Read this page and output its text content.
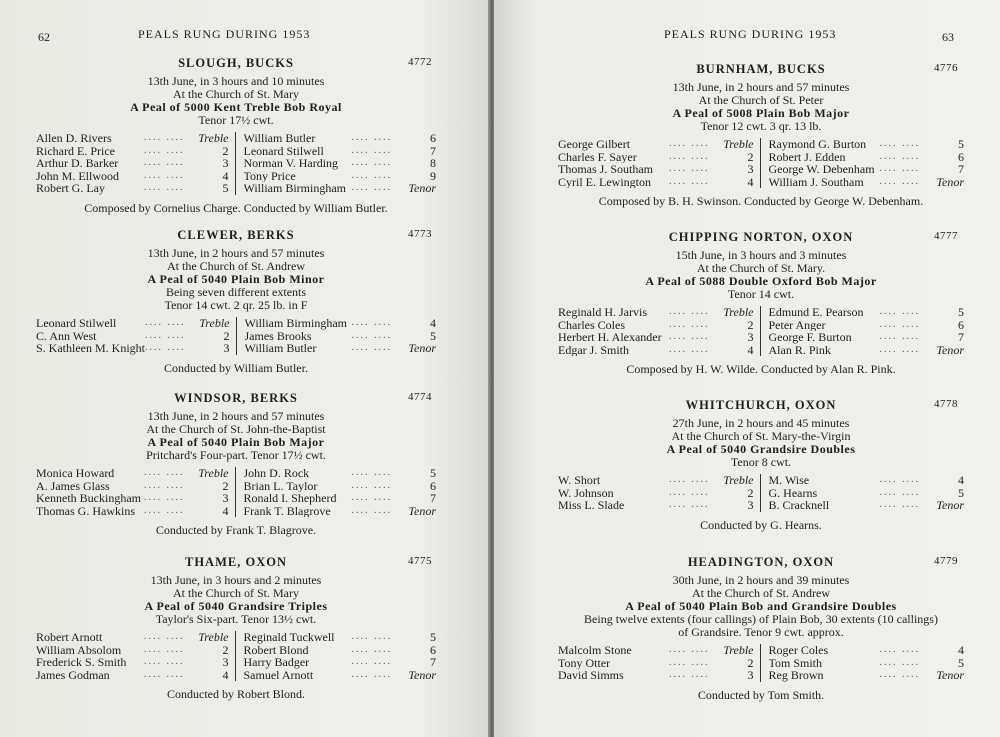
62	PEALS RUNG DURING 1953
SLOUGH, BUCKS	4772
13th June, in 3 hours and 10 minutes
At the Church of St. Mary
A Peal of 5000 Kent Treble Bob Royal
Tenor 17½ cwt.
Allen D. Rivers	.... ....	Treble
Richard E. Price	.... ....	2
Arthur D. Barker	.... ....	3
John M. Ellwood	.... ....	4
Robert G. Lay	.... ....	5
William Butler	.... ....	6
Leonard Stilwell	.... ....	7
Norman V. Harding	.... ....	8
Tony Price	.... ....	9
William Birmingham .... ....	Tenor
Composed by Cornelius Charge. Conducted by William Butler.
CLEWER, BERKS	4773
13th June, in 2 hours and 57 minutes
At the Church of St. Andrew
A Peal of 5040 Plain Bob Minor
Being seven different extents
Tenor 14 cwt. 2 qr. 25 lb. in F
Leonard Stilwell	.... ....	Treble
C. Ann West	.... ....	2
S. Kathleen M. Knight .... ....	3
William Birmingham .... ....	4
James Brooks	.... ....	5
William Butler	.... ....	Tenor
Conducted by William Butler.
WINDSOR, BERKS	4774
13th June, in 2 hours and 57 minutes
At the Church of St. John-the-Baptist
A Peal of 5040 Plain Bob Major
Pritchard's Four-part. Tenor 17½ cwt.
Monica Howard	.... ....	Treble
A. James Glass	.... ....	2
Kenneth Buckingham .... ....	3
Thomas G. Hawkins .... ....	4
John D. Rock	.... ....	5
Brian L. Taylor	.... ....	6
Ronald I. Shepherd	.... ....	7
Frank T. Blagrove	.... ....	Tenor
Conducted by Frank T. Blagrove.
THAME, OXON	4775
13th June, in 3 hours and 2 minutes
At the Church of St. Mary
A Peal of 5040 Grandsire Triples
Taylor's Six-part. Tenor 13½ cwt.
Robert Arnott	.... ....	Treble
William Absolom	.... ....	2
Frederick S. Smith	.... ....	3
James Godman	.... ....	4
Reginald Tuckwell	.... ....	5
Robert Blond	.... ....	6
Harry Badger	.... ....	7
Samuel Arnott	.... ....	Tenor
Conducted by Robert Blond.
63
PEALS RUNG DURING 1953
BURNHAM, BUCKS	4776
13th June, in 2 hours and 57 minutes
At the Church of St. Peter
A Peal of 5008 Plain Bob Major
Tenor 12 cwt. 3 qr. 13 lb.
George Gilbert	.... ....	Treble
Charles F. Sayer	.... ....	2
Thomas J. Southam	.... ....	3
Cyril E. Lewington	.... ....	4
Raymond G. Burton	.... ....	5
Robert J. Edden	.... ....	6
George W. Debenham .... ....	7
William J. Southam	.... ....	Tenor
Composed by B. H. Swinson. Conducted by George W. Debenham.
CHIPPING NORTON, OXON	4777
15th June, in 3 hours and 3 minutes
At the Church of St. Mary.
A Peal of 5088 Double Oxford Bob Major
Tenor 14 cwt.
Reginald H. Jarvis	.... ....	Treble
Charles Coles	.... ....	2
Herbert H. Alexander .... ....	3
Edgar J. Smith	.... ....	4
Edmund E. Pearson	.... ....	5
Peter Anger	.... ....	6
George F. Burton	.... ....	7
Alan R. Pink	.... ....	Tenor
Composed by H. W. Wilde. Conducted by Alan R. Pink.
WHITCHURCH, OXON	4778
27th June, in 2 hours and 45 minutes
At the Church of St. Mary-the-Virgin
A Peal of 5040 Grandsire Doubles
Tenor 8 cwt.
W. Short	.... ....	Treble
W. Johnson	.... ....	2
Miss L. Slade	.... ....	3
M. Wise	.... ....	4
G. Hearns	.... ....	5
B. Cracknell	.... ....	Tenor
Conducted by G. Hearns.
HEADINGTON, OXON	4779
30th June, in 2 hours and 39 minutes
At the Church of St. Andrew
A Peal of 5040 Plain Bob and Grandsire Doubles
Being twelve extents (four callings) of Plain Bob, 30 extents (10 callings)
of Grandsire. Tenor 9 cwt. approx.
Malcolm Stone	.... ....	Treble
Tony Otter	.... ....	2
David Simms	.... ....	3
Roger Coles	.... ....	4
Tom Smith	.... ....	5
Reg Brown	.... ....	Tenor
Conducted by Tom Smith.
